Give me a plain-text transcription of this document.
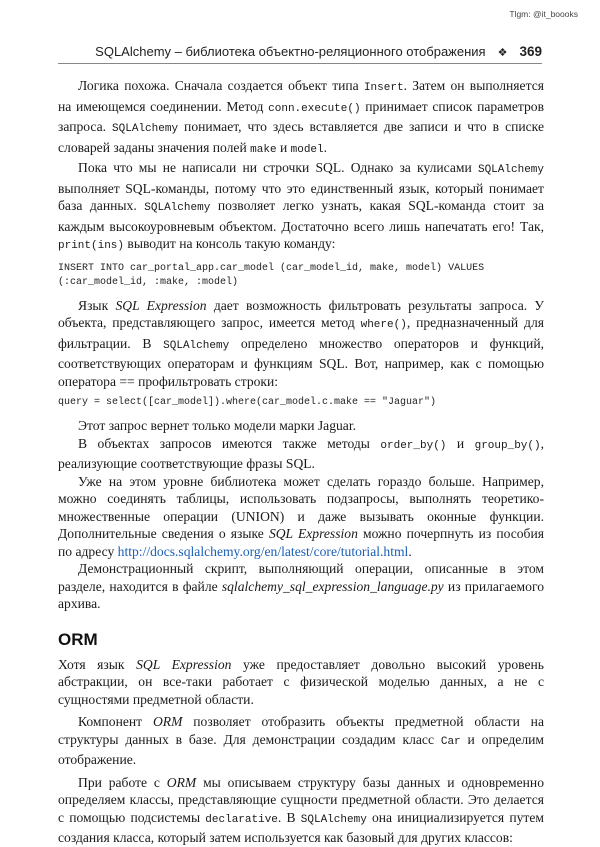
Tlgm: @it_boooks
SQLAlchemy – библиотека объектно-реляционного отображения ❖ 369

Логика похожа. Сначала создается объект типа Insert. Затем он выполняется на имеющемся соединении. Метод conn.execute() принимает список параметров запроса. SQLAlchemy понимает, что здесь вставляется две записи и что в списке словарей заданы значения полей make и model.

Пока что мы не написали ни строчки SQL. Однако за кулисами SQLAlchemy выполняет SQL-команды, потому что это единственный язык, который понимает база данных. SQLAlchemy позволяет легко узнать, какая SQL-команда стоит за каждым высокоуровневым объектом. Достаточно всего лишь напечатать его! Так, print(ins) выводит на консоль такую команду:

INSERT INTO car_portal_app.car_model (car_model_id, make, model) VALUES
(:car_model_id, :make, :model)

Язык SQL Expression дает возможность фильтровать результаты запроса. У объекта, представляющего запрос, имеется метод where(), предназначенный для фильтрации. В SQLAlchemy определено множество операторов и функций, соответствующих операторам и функциям SQL. Вот, например, как с помощью оператора == профильтровать строки:

query = select([car_model]).where(car_model.c.make == "Jaguar")

Этот запрос вернет только модели марки Jaguar.

В объектах запросов имеются также методы order_by() и group_by(), реализующие соответствующие фразы SQL.

Уже на этом уровне библиотека может сделать гораздо больше. Например, можно соединять таблицы, использовать подзапросы, выполнять теоретико-множественные операции (UNION) и даже вызывать оконные функции. Дополнительные сведения о языке SQL Expression можно почерпнуть из пособия по адресу http://docs.sqlalchemy.org/en/latest/core/tutorial.html.

Демонстрационный скрипт, выполняющий операции, описанные в этом разделе, находится в файле sqlalchemy_sql_expression_language.py из прилагаемого архива.

ORM

Хотя язык SQL Expression уже предоставляет довольно высокий уровень абстракции, он все-таки работает с физической моделью данных, а не с сущностями предметной области.

Компонент ORM позволяет отобразить объекты предметной области на структуры данных в базе. Для демонстрации создадим класс Car и определим отображение.

При работе с ORM мы описываем структуру базы данных и одновременно определяем классы, представляющие сущности предметной области. Это делается с помощью подсистемы declarative. В SQLAlchemy она инициализируется путем создания класса, который затем используется как базовый для других классов:
